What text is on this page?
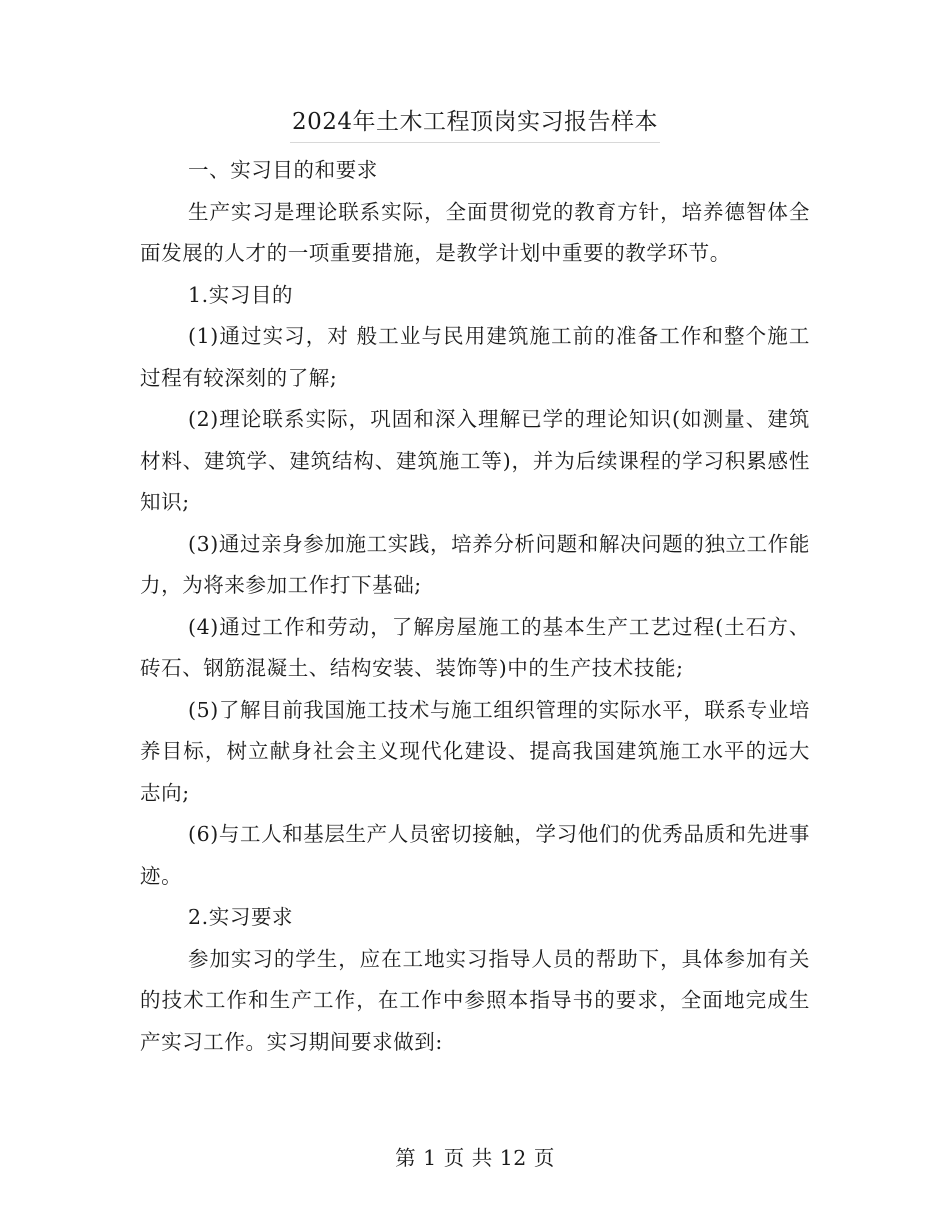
2024年土木工程顶岗实习报告样本

一、实习目的和要求

生产实习是理论联系实际，全面贯彻党的教育方针，培养德智体全面发展的人才的一项重要措施，是教学计划中重要的教学环节。

1.实习目的

(1)通过实习，对 般工业与民用建筑施工前的准备工作和整个施工过程有较深刻的了解;

(2)理论联系实际，巩固和深入理解已学的理论知识(如测量、建筑材料、建筑学、建筑结构、建筑施工等)，并为后续课程的学习积累感性知识;

(3)通过亲身参加施工实践，培养分析问题和解决问题的独立工作能力，为将来参加工作打下基础;

(4)通过工作和劳动，了解房屋施工的基本生产工艺过程(土石方、砖石、钢筋混凝土、结构安装、装饰等)中的生产技术技能;

(5)了解目前我国施工技术与施工组织管理的实际水平，联系专业培养目标，树立献身社会主义现代化建设、提高我国建筑施工水平的远大志向;

(6)与工人和基层生产人员密切接触，学习他们的优秀品质和先进事迹。

2.实习要求

参加实习的学生，应在工地实习指导人员的帮助下，具体参加有关的技术工作和生产工作，在工作中参照本指导书的要求，全面地完成生产实习工作。实习期间要求做到:

第 1 页 共 12 页
